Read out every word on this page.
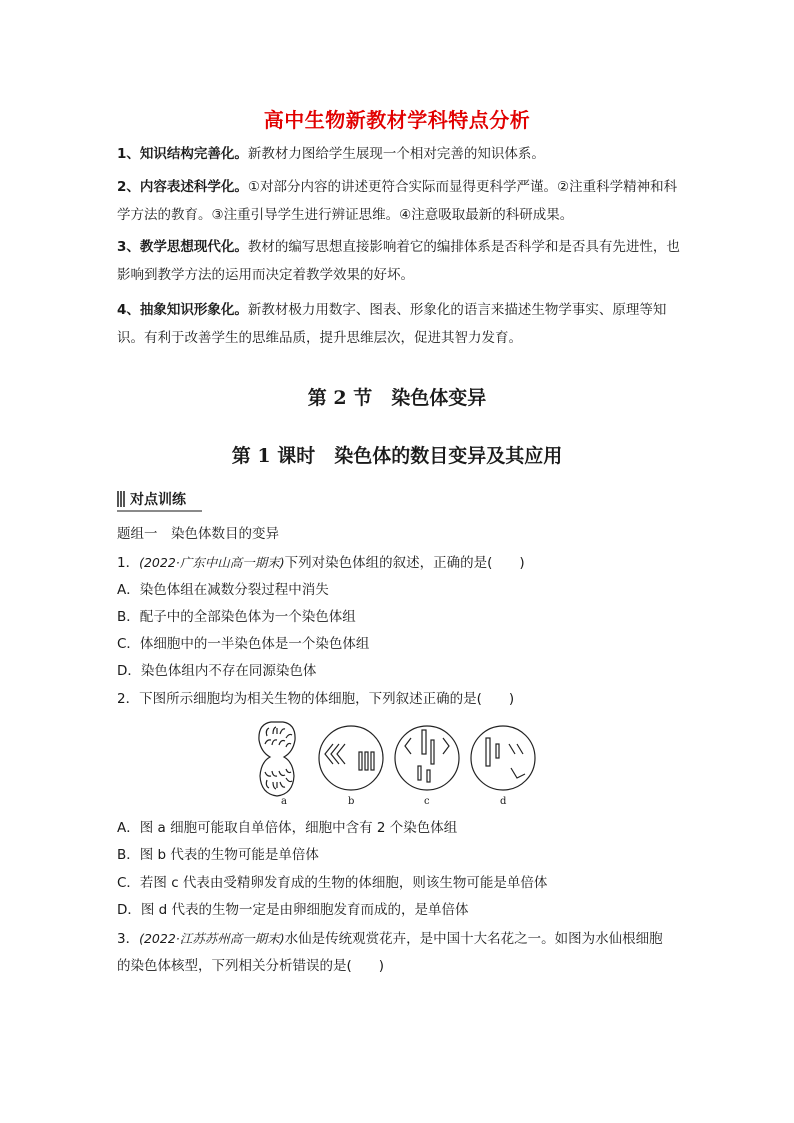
高中生物新教材学科特点分析
1、知识结构完善化。新教材力图给学生展现一个相对完善的知识体系。
2、内容表述科学化。①对部分内容的讲述更符合实际而显得更科学严谨。②注重科学精神和科学方法的教育。③注重引导学生进行辨证思维。④注意吸取最新的科研成果。
3、教学思想现代化。教材的编写思想直接影响着它的编排体系是否科学和是否具有先进性，也影响到教学方法的运用而决定着教学效果的好坏。
4、抽象知识形象化。新教材极力用数字、图表、形象化的语言来描述生物学事实、原理等知识。有利于改善学生的思维品质，提升思维层次，促进其智力发育。
第 2 节　染色体变异
第 1 课时　染色体的数目变异及其应用
对点训练
题组一　染色体数目的变异
1．(2022·广东中山高一期末)下列对染色体组的叙述，正确的是(　　)
A．染色体组在减数分裂过程中消失
B．配子中的全部染色体为一个染色体组
C．体细胞中的一半染色体是一个染色体组
D．染色体组内不存在同源染色体
2．下图所示细胞均为相关生物的体细胞，下列叙述正确的是(　　)
a	b	c	d
A．图 a 细胞可能取自单倍体，细胞中含有 2 个染色体组
B．图 b 代表的生物可能是单倍体
C．若图 c 代表由受精卵发育成的生物的体细胞，则该生物可能是单倍体
D．图 d 代表的生物一定是由卵细胞发育而成的，是单倍体
3．(2022·江苏苏州高一期末)水仙是传统观赏花卉，是中国十大名花之一。如图为水仙根细胞
的染色体核型，下列相关分析错误的是(　　)
